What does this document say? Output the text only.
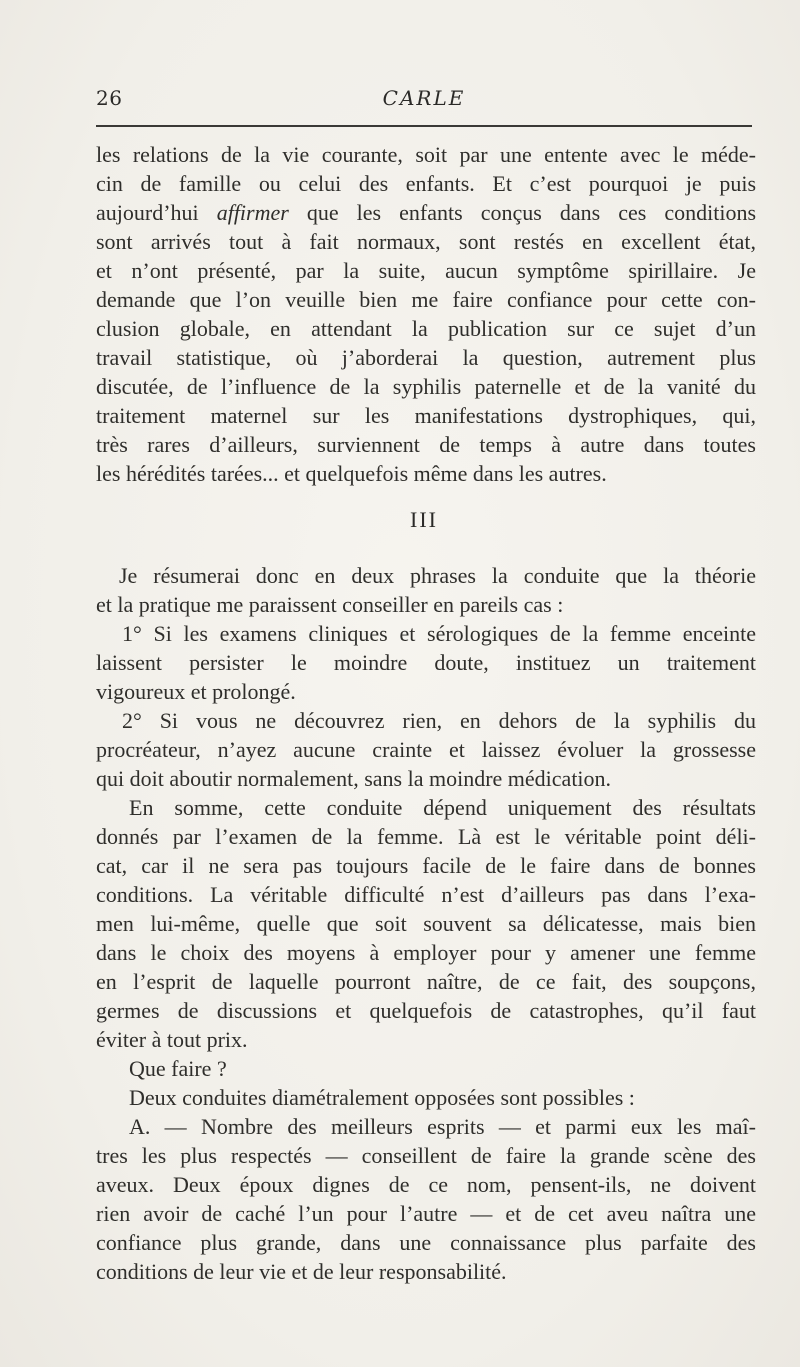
26	CARLE
les relations de la vie courante, soit par une entente avec le méde-
cin de famille ou celui des enfants. Et c’est pourquoi je puis
aujourd’hui affirmer que les enfants conçus dans ces conditions
sont arrivés tout à fait normaux, sont restés en excellent état,
et n’ont présenté, par la suite, aucun symptôme spirillaire. Je
demande que l’on veuille bien me faire confiance pour cette con-
clusion globale, en attendant la publication sur ce sujet d’un
travail statistique, où j’aborderai la question, autrement plus
discutée, de l’influence de la syphilis paternelle et de la vanité du
traitement maternel sur les manifestations dystrophiques, qui,
très rares d’ailleurs, surviennent de temps à autre dans toutes
les hérédités tarées... et quelquefois même dans les autres.
III
Je résumerai donc en deux phrases la conduite que la théorie
et la pratique me paraissent conseiller en pareils cas :
1° Si les examens cliniques et sérologiques de la femme enceinte
laissent persister le moindre doute, instituez un traitement
vigoureux et prolongé.
2° Si vous ne découvrez rien, en dehors de la syphilis du
procréateur, n’ayez aucune crainte et laissez évoluer la grossesse
qui doit aboutir normalement, sans la moindre médication.
En somme, cette conduite dépend uniquement des résultats
donnés par l’examen de la femme. Là est le véritable point déli-
cat, car il ne sera pas toujours facile de le faire dans de bonnes
conditions. La véritable difficulté n’est d’ailleurs pas dans l’exa-
men lui-même, quelle que soit souvent sa délicatesse, mais bien
dans le choix des moyens à employer pour y amener une femme
en l’esprit de laquelle pourront naître, de ce fait, des soupçons,
germes de discussions et quelquefois de catastrophes, qu’il faut
éviter à tout prix.
Que faire ?
Deux conduites diamétralement opposées sont possibles :
A. — Nombre des meilleurs esprits — et parmi eux les maî-
tres les plus respectés — conseillent de faire la grande scène des
aveux. Deux époux dignes de ce nom, pensent-ils, ne doivent
rien avoir de caché l’un pour l’autre — et de cet aveu naîtra une
confiance plus grande, dans une connaissance plus parfaite des
conditions de leur vie et de leur responsabilité.
